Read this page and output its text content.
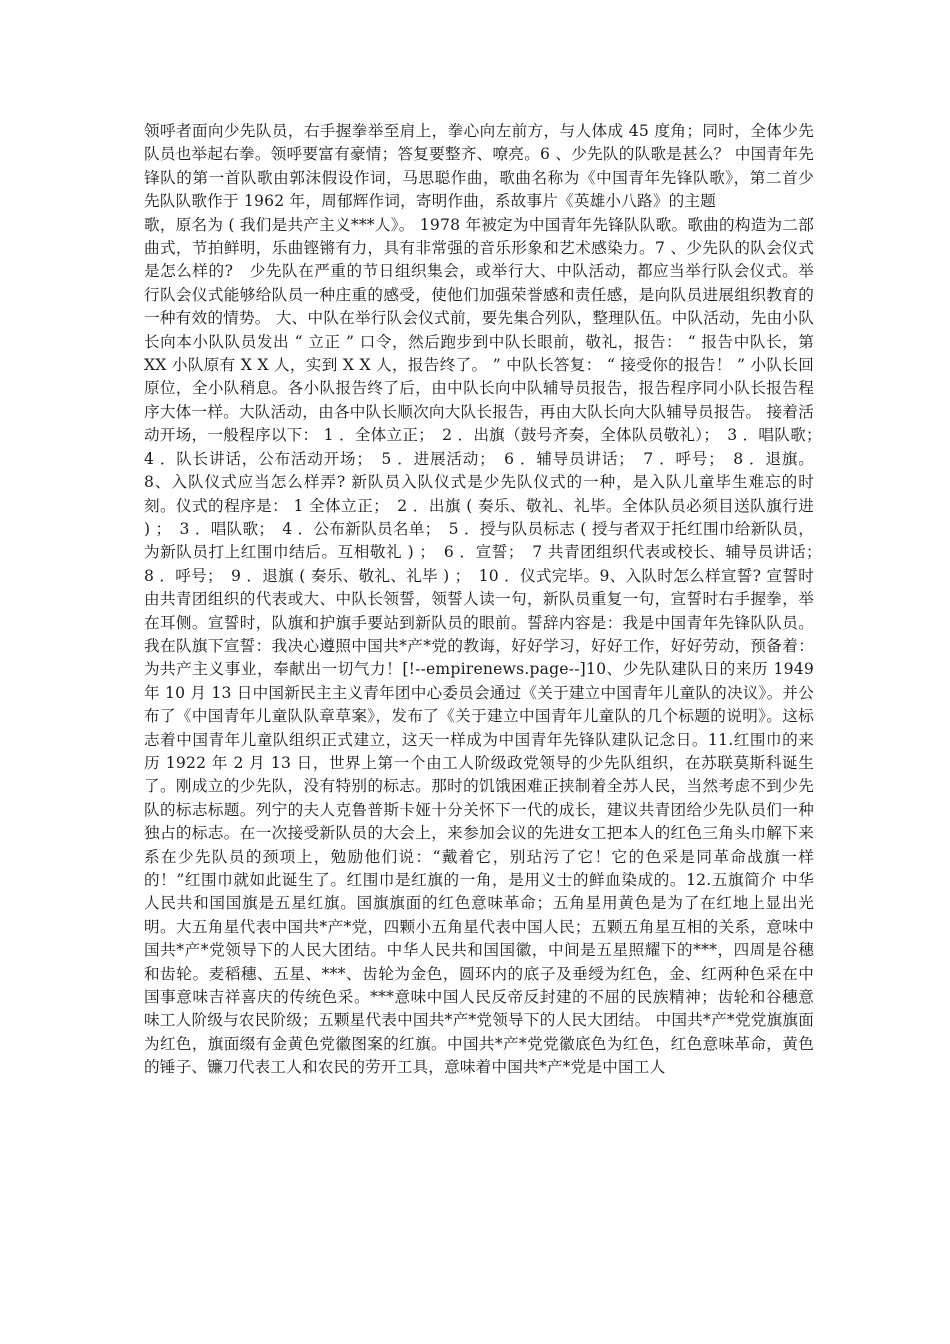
领呼者面向少先队员，右手握拳举至肩上，拳心向左前方，与人体成 45 度角；同时，全体少先队员也举起右拳。领呼要富有豪情；答复要整齐、嘹亮。6 、少先队的队歌是甚么？ 中国青年先锋队的第一首队歌由郭沫假设作词，马思聪作曲，歌曲名称为《中国青年先锋队歌》，第二首少先队队歌作于 1962 年，周郁辉作词，寄明作曲，系故事片《英雄小八路》的主题

歌，原名为 ( 我们是共产主义***人》。 1978 年被定为中国青年先锋队队歌。歌曲的构造为二部曲式，节拍鲜明，乐曲铿锵有力，具有非常强的音乐形象和艺术感染力。7 、少先队的队会仪式是怎么样的?　少先队在严重的节日组织集会，或举行大、中队活动，都应当举行队会仪式。举行队会仪式能够给队员一种庄重的感受，使他们加强荣誉感和责任感，是向队员进展组织教育的一种有效的情势。 大、中队在举行队会仪式前，要先集合列队，整理队伍。中队活动，先由小队长向本小队队员发出 “ 立正 ” 口令，然后跑步到中队长眼前，敬礼，报告： “ 报告中队长，第 XX 小队原有 X X 人，实到 X X 人，报告终了。 ” 中队长答复： “ 接受你的报告！ ” 小队长回原位，全小队稍息。各小队报告终了后，由中队长向中队辅导员报告，报告程序同小队长报告程序大体一样。大队活动，由各中队长顺次向大队长报告，再由大队长向大队辅导员报告。 接着活动开场，一般程序以下： 1 ．全体立正；　2 ．出旗（鼓号齐奏，全体队员敬礼）；　3 ．唱队歌；　4 ．队长讲话，公布活动开场；　5 ．进展活动；　6 ．辅导员讲话；　7 ．呼号；　8 ．退旗。8、入队仪式应当怎么样弄? 新队员入队仪式是少先队仪式的一种，是入队儿童毕生难忘的时刻。仪式的程序是： 1 全体立正；　2 ．出旗 ( 奏乐、敬礼、礼毕。全体队员必须目送队旗行进 ) ；　3 ．唱队歌；　4 ．公布新队员名单；　5 ．授与队员标志 ( 授与者双于托红围巾给新队员，为新队员打上红围巾结后。互相敬礼 ) ；　6 ．宣誓；　7 共青团组织代表或校长、辅导员讲话；　8 ．呼号；　9 ．退旗 ( 奏乐、敬礼、礼毕 ) ；　10 ．仪式完毕。9、入队时怎么样宣誓? 宣誓时由共青团组织的代表或大、中队长领誓，领誓人读一句，新队员重复一句，宣誓时右手握拳，举在耳侧。宣誓时，队旗和护旗手要站到新队员的眼前。誓辞内容是：我是中国青年先锋队队员。我在队旗下宣誓：我决心遵照中国共*产*党的教诲，好好学习，好好工作，好好劳动，预备着：为共产主义事业，奉献出一切气力！[!--empirenews.page--]10、少先队建队日的来历 1949 年 10 月 13 日中国新民主主义青年团中心委员会通过《关于建立中国青年儿童队的决议》。并公布了《中国青年儿童队队章草案》，发布了《关于建立中国青年儿童队的几个标题的说明》。这标志着中国青年儿童队组织正式建立，这天一样成为中国青年先锋队建队记念日。11.红围巾的来历 1922 年 2 月 13 日，世界上第一个由工人阶级政党领导的少先队组织，在苏联莫斯科诞生了。刚成立的少先队，没有特别的标志。那时的饥饿困难正挟制着全苏人民，当然考虑不到少先队的标志标题。列宁的夫人克鲁普斯卡娅十分关怀下一代的成长，建议共青团给少先队员们一种独占的标志。在一次接受新队员的大会上，来参加会议的先进女工把本人的红色三角头巾解下来系在少先队员的颈项上，勉励他们说：“戴着它，别玷污了它！它的色采是同革命战旗一样的！”红围巾就如此诞生了。红围巾是红旗的一角，是用义士的鲜血染成的。12.五旗简介 中华人民共和国国旗是五星红旗。国旗旗面的红色意味革命；五角星用黄色是为了在红地上显出光明。大五角星代表中国共*产*党，四颗小五角星代表中国人民；五颗五角星互相的关系，意味中国共*产*党领导下的人民大团结。中华人民共和国国徽，中间是五星照耀下的***，四周是谷穗和齿轮。麦稻穗、五星、***、齿轮为金色，圆环内的底子及垂绶为红色，金、红两种色采在中国事意味吉祥喜庆的传统色采。***意味中国人民反帝反封建的不屈的民族精神；齿轮和谷穗意味工人阶级与农民阶级；五颗星代表中国共*产*党领导下的人民大团结。 中国共*产*党党旗旗面为红色，旗面缀有金黄色党徽图案的红旗。中国共*产*党党徽底色为红色，红色意味革命，黄色的锤子、镰刀代表工人和农民的劳开工具，意味着中国共*产*党是中国工人
